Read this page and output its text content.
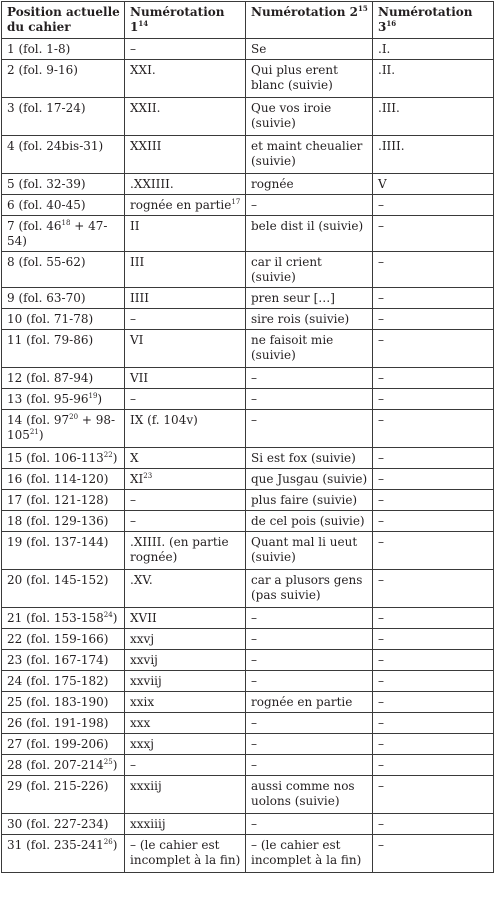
Position actuelle du cahier	Numérotation $1^{14}$	Numérotation $2^{15}$	Numérotation $3^{16}$
1 (fol. 1-8)	–	Se	.I.
2 (fol. 9-16)	XXI.	Qui plus erent blanc (suivie)	.II.
3 (fol. 17-24)	XXII.	Que vos iroie (suivie)	.III.
4 (fol. 24bis-31)	XXIII	et maint cheualier (suivie)	.IIII.
5 (fol. 32-39)	.XXIIII.	rognée	V
6 (fol. 40-45)	rognée en partie$^{17}$	–	–
7 (fol. $46^{18} + 47-54$)	II	bele dist il (suivie)	–
8 (fol. 55-62)	III	car il crient (suivie)	–
9 (fol. 63-70)	IIII	pren seur […]	–
10 (fol. 71-78)	–	sire rois (suivie)	–
11 (fol. 79-86)	VI	ne faisoit mie (suivie)	–
12 (fol. 87-94)	VII	–	–
13 (fol. $95-96^{19}$)	–	–	–
14 (fol. $97^{20} + 98-105^{21}$)	IX (f. 104v)	–	–
15 (fol. $106-113^{22}$)	X	Si est fox (suivie)	–
16 (fol. 114-120)	XI$^{23}$	que Jusgau (suivie)	–
17 (fol. 121-128)	–	plus faire (suivie)	–
18 (fol. 129-136)	–	de cel pois (suivie)	–
19 (fol. 137-144)	.XIIII. (en partie rognée)	Quant mal li ueut (suivie)	–
20 (fol. 145-152)	.XV.	car a plusors gens (pas suivie)	–
21 (fol. $153-158^{24}$)	XVII	–	–
22 (fol. 159-166)	xxvj	–	–
23 (fol. 167-174)	xxvij	–	–
24 (fol. 175-182)	xxviij	–	–
25 (fol. 183-190)	xxix	rognée en partie	–
26 (fol. 191-198)	xxx	–	–
27 (fol. 199-206)	xxxj	–	–
28 (fol. $207-214^{25}$)	–	–	–
29 (fol. 215-226)	xxxiij	aussi comme nos uolons (suivie)	–
30 (fol. 227-234)	xxxiiij	–	–
31 (fol. $235-241^{26}$)	– (le cahier est incomplet à la fin)	– (le cahier est incomplet à la fin)	–
